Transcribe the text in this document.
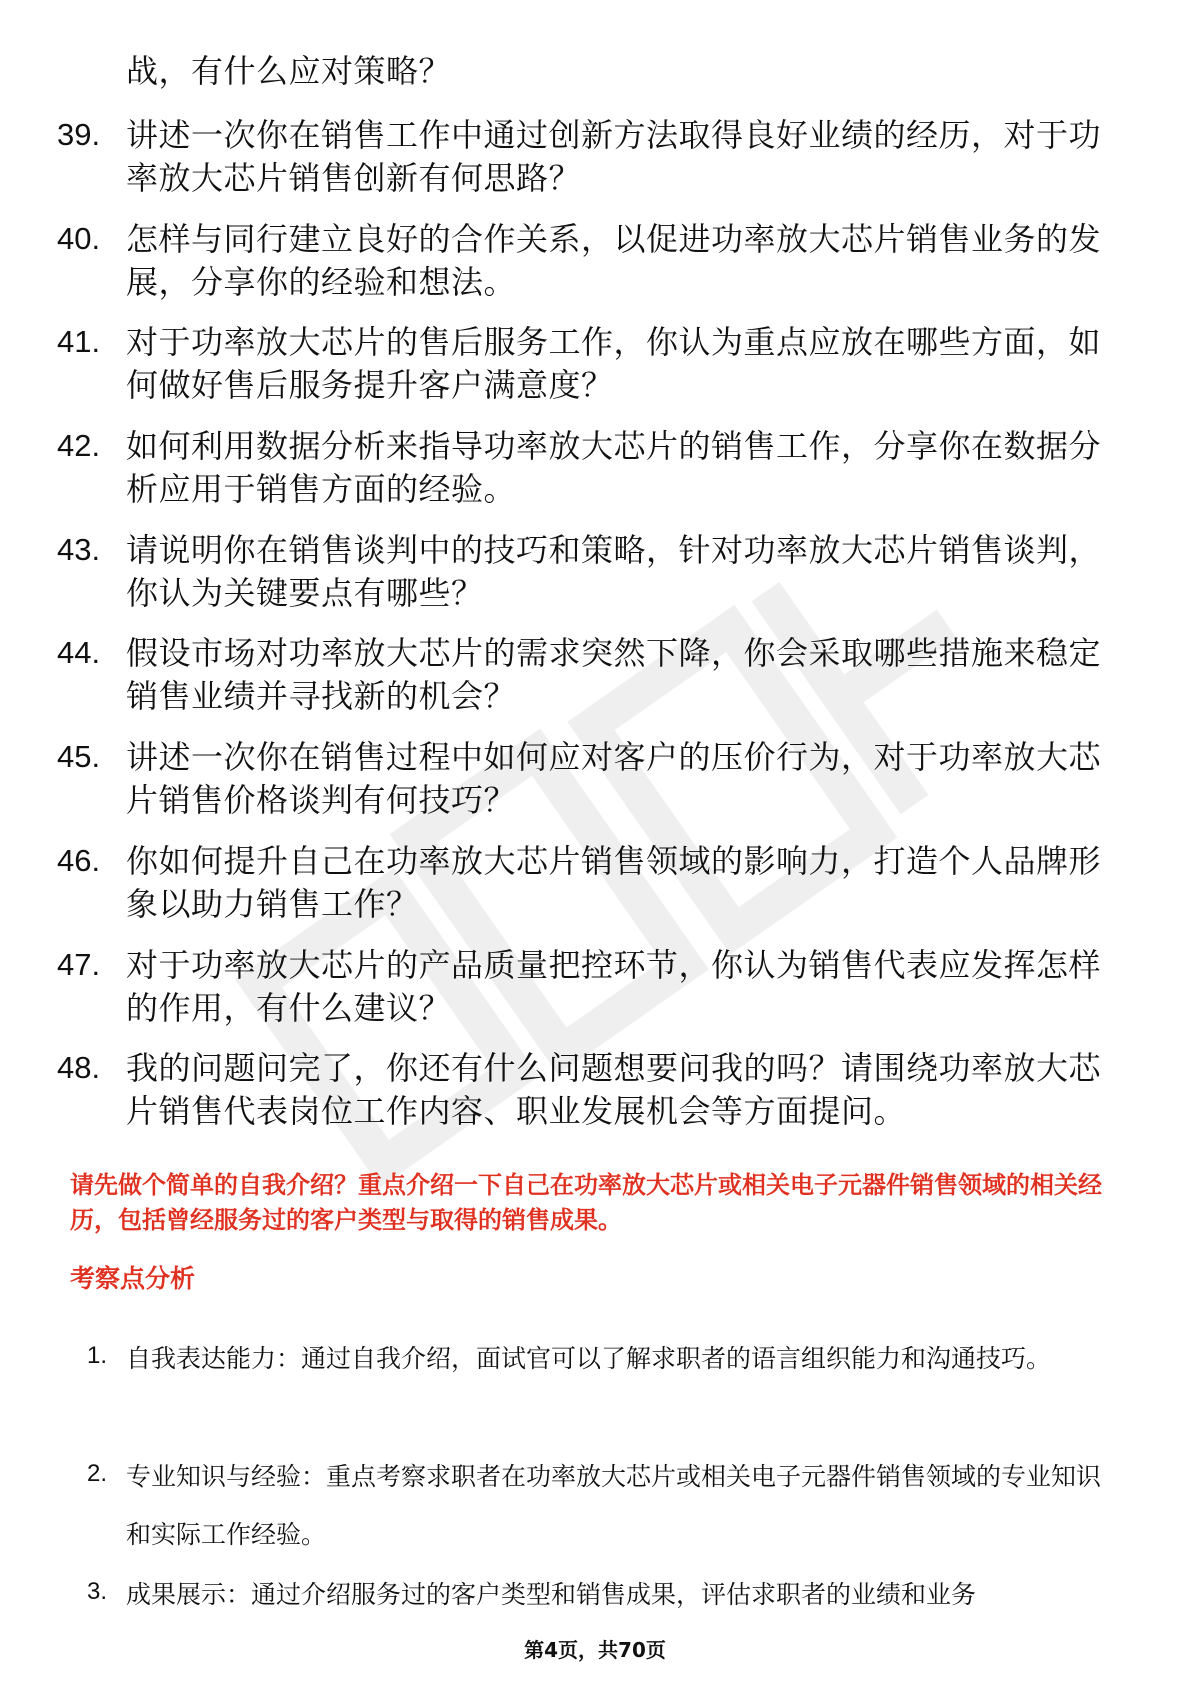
战，有什么应对策略？
39. 讲述一次你在销售工作中通过创新方法取得良好业绩的经历，对于功率放大芯片销售创新有何思路？
40. 怎样与同行建立良好的合作关系，以促进功率放大芯片销售业务的发展，分享你的经验和想法。
41. 对于功率放大芯片的售后服务工作，你认为重点应放在哪些方面，如何做好售后服务提升客户满意度？
42. 如何利用数据分析来指导功率放大芯片的销售工作，分享你在数据分析应用于销售方面的经验。
43. 请说明你在销售谈判中的技巧和策略，针对功率放大芯片销售谈判，你认为关键要点有哪些？
44. 假设市场对功率放大芯片的需求突然下降，你会采取哪些措施来稳定销售业绩并寻找新的机会？
45. 讲述一次你在销售过程中如何应对客户的压价行为，对于功率放大芯片销售价格谈判有何技巧？
46. 你如何提升自己在功率放大芯片销售领域的影响力，打造个人品牌形象以助力销售工作？
47. 对于功率放大芯片的产品质量把控环节，你认为销售代表应发挥怎样的作用，有什么建议？
48. 我的问题问完了，你还有什么问题想要问我的吗？请围绕功率放大芯片销售代表岗位工作内容、职业发展机会等方面提问。
请先做个简单的自我介绍？重点介绍一下自己在功率放大芯片或相关电子元器件销售领域的相关经历，包括曾经服务过的客户类型与取得的销售成果。
考察点分析
1. 自我表达能力：通过自我介绍，面试官可以了解求职者的语言组织能力和沟通技巧。
2. 专业知识与经验：重点考察求职者在功率放大芯片或相关电子元器件销售领域的专业知识和实际工作经验。
3. 成果展示：通过介绍服务过的客户类型和销售成果，评估求职者的业绩和业务
第4页，共70页
